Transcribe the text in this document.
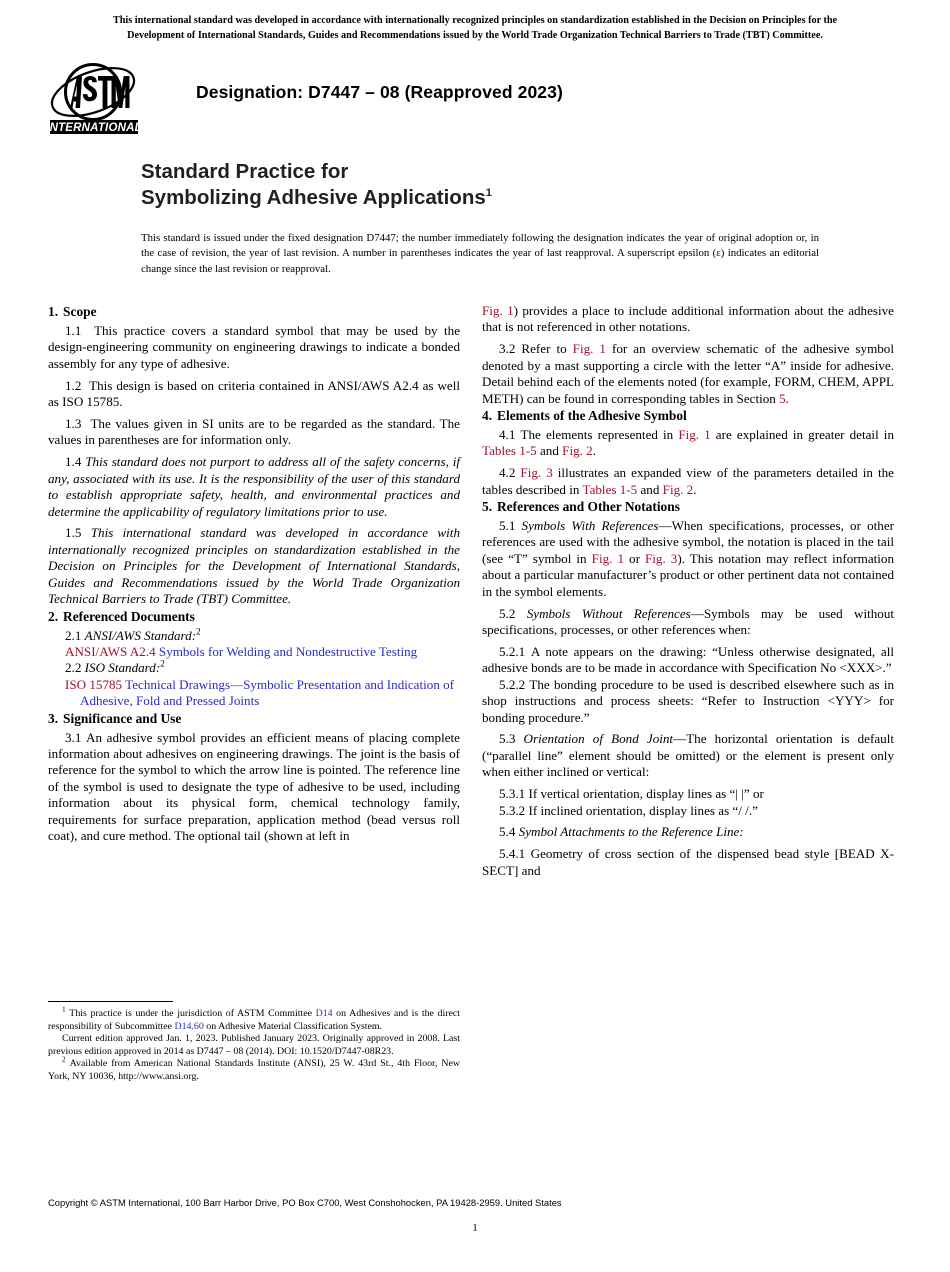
This international standard was developed in accordance with internationally recognized principles on standardization established in the Decision on Principles for the
Development of International Standards, Guides and Recommendations issued by the World Trade Organization Technical Barriers to Trade (TBT) Committee.
INTERNATIONAL
Designation: D7447 – 08 (Reapproved 2023)
Standard Practice for
Symbolizing Adhesive Applications$^1$
This standard is issued under the fixed designation D7447; the number immediately following the designation indicates the year of original adoption or, in the case of revision, the year of last revision. A number in parentheses indicates the year of last reapproval. A superscript epsilon (ε) indicates an editorial change since the last revision or reapproval.
1. Scope

1.1 This practice covers a standard symbol that may be used by the design-engineering community on engineering drawings to indicate a bonded assembly for any type of adhesive.

1.2 This design is based on criteria contained in ANSI/AWS A2.4 as well as ISO 15785.

1.3 The values given in SI units are to be regarded as the standard. The values in parentheses are for information only.

1.4 This standard does not purport to address all of the safety concerns, if any, associated with its use. It is the responsibility of the user of this standard to establish appropriate safety, health, and environmental practices and determine the applicability of regulatory limitations prior to use.

1.5 This international standard was developed in accordance with internationally recognized principles on standardization established in the Decision on Principles for the Development of International Standards, Guides and Recommendations issued by the World Trade Organization Technical Barriers to Trade (TBT) Committee.

2. Referenced Documents

2.1 ANSI/AWS Standard:$^2$

ANSI/AWS A2.4 Symbols for Welding and Nondestructive Testing

2.2 ISO Standard:$^2$

ISO 15785 Technical Drawings—Symbolic Presentation and Indication of Adhesive, Fold and Pressed Joints

3. Significance and Use

3.1 An adhesive symbol provides an efficient means of placing complete information about adhesives on engineering drawings. The joint is the basis of reference for the symbol to which the arrow line is pointed. The reference line of the symbol is used to designate the type of adhesive to be used, including information about its physical form, chemical technology family, requirements for surface preparation, application method (bead versus roll coat), and cure method. The optional tail (shown at left in

Fig. 1) provides a place to include additional information about the adhesive that is not referenced in other notations.

3.2 Refer to Fig. 1 for an overview schematic of the adhesive symbol denoted by a mast supporting a circle with the letter “A” inside for adhesive. Detail behind each of the elements noted (for example, FORM, CHEM, APPL METH) can be found in corresponding tables in Section 5.

4. Elements of the Adhesive Symbol

4.1 The elements represented in Fig. 1 are explained in greater detail in Tables 1-5 and Fig. 2.

4.2 Fig. 3 illustrates an expanded view of the parameters detailed in the tables described in Tables 1-5 and Fig. 2.

5. References and Other Notations

5.1 Symbols With References—When specifications, processes, or other references are used with the adhesive symbol, the notation is placed in the tail (see “T” symbol in Fig. 1 or Fig. 3). This notation may reflect information about a particular manufacturer’s product or other pertinent data not contained in the symbol elements.

5.2 Symbols Without References—Symbols may be used without specifications, processes, or other references when:

5.2.1 A note appears on the drawing: “Unless otherwise designated, all adhesive bonds are to be made in accordance with Specification No <XXX>.”

5.2.2 The bonding procedure to be used is described elsewhere such as in shop instructions and process sheets: “Refer to Instruction <YYY> for bonding procedure.”

5.3 Orientation of Bond Joint—The horizontal orientation is default (“parallel line” element should be omitted) or the element is present only when either inclined or vertical:

5.3.1 If vertical orientation, display lines as “| |” or

5.3.2 If inclined orientation, display lines as “/ /.”

5.4 Symbol Attachments to the Reference Line:

5.4.1 Geometry of cross section of the dispensed bead style [BEAD X-SECT] and

$^1$ This practice is under the jurisdiction of ASTM Committee D14 on Adhesives and is the direct responsibility of Subcommittee D14.60 on Adhesive Material Classification System.

Current edition approved Jan. 1, 2023. Published January 2023. Originally approved in 2008. Last previous edition approved in 2014 as D7447 – 08 (2014). DOI: 10.1520/D7447-08R23.

$^2$ Available from American National Standards Institute (ANSI), 25 W. 43rd St., 4th Floor, New York, NY 10036, http://www.ansi.org.

Copyright © ASTM International, 100 Barr Harbor Drive, PO Box C700, West Conshohocken, PA 19428-2959. United States
1
